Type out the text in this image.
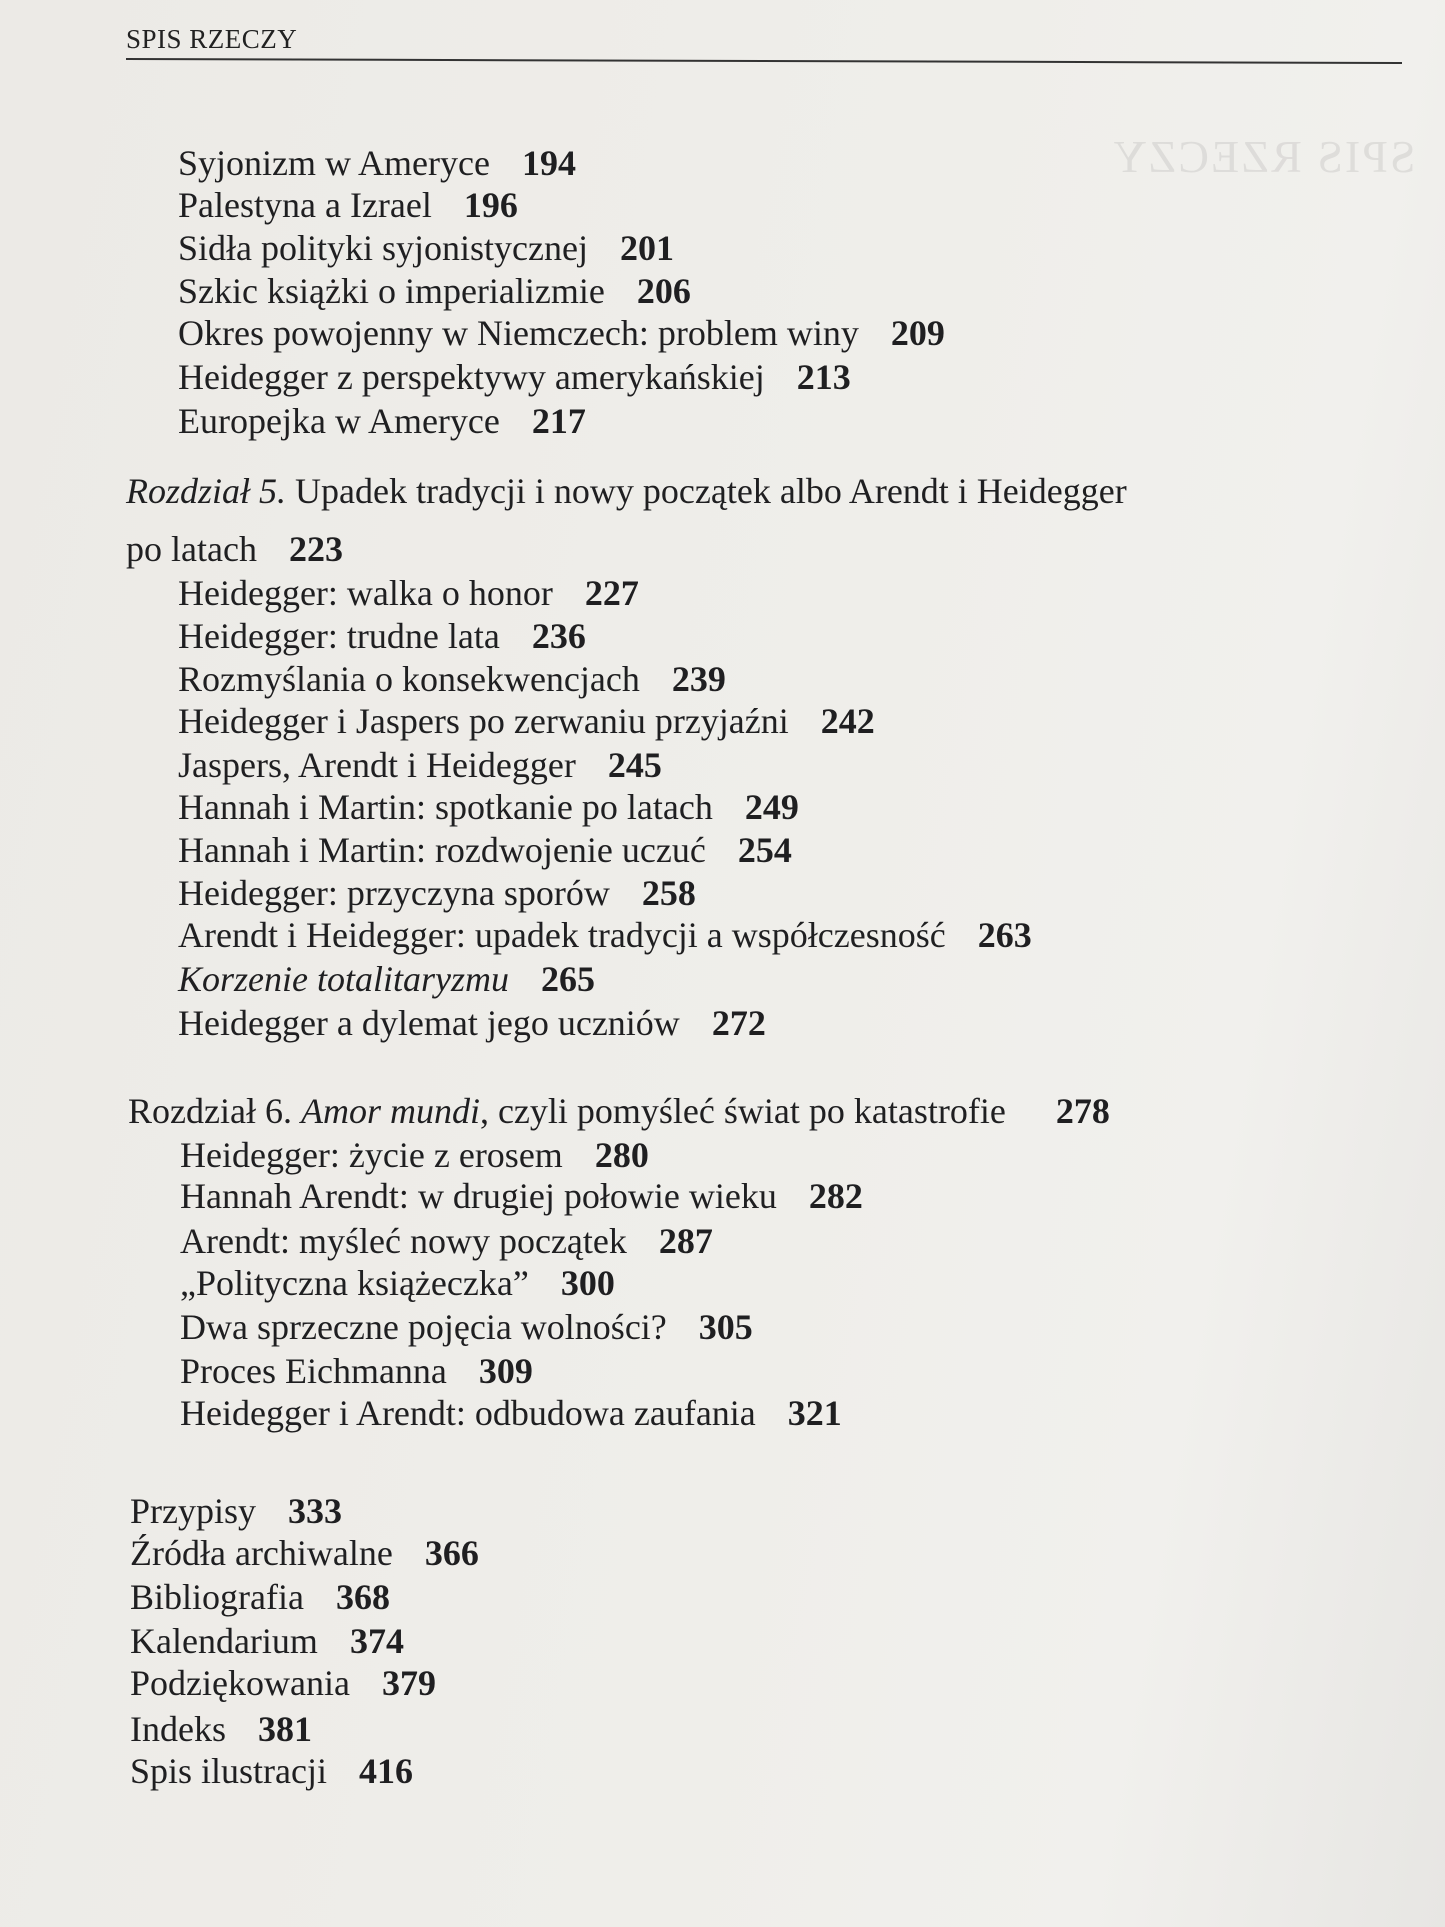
SPIS RZECZY
SPIS RZECZY
Syjonizm w Ameryce 194
Palestyna a Izrael 196
Sidła polityki syjonistycznej 201
Szkic książki o imperializmie 206
Okres powojenny w Niemczech: problem winy 209
Heidegger z perspektywy amerykańskiej 213
Europejka w Ameryce 217
Rozdział 5. Upadek tradycji i nowy początek albo Arendt i Heidegger
po latach 223
Heidegger: walka o honor 227
Heidegger: trudne lata 236
Rozmyślania o konsekwencjach 239
Heidegger i Jaspers po zerwaniu przyjaźni 242
Jaspers, Arendt i Heidegger 245
Hannah i Martin: spotkanie po latach 249
Hannah i Martin: rozdwojenie uczuć 254
Heidegger: przyczyna sporów 258
Arendt i Heidegger: upadek tradycji a współczesność 263
Korzenie totalitaryzmu 265
Heidegger a dylemat jego uczniów 272
Rozdział 6. Amor mundi, czyli pomyśleć świat po katastrofie 278
Heidegger: życie z erosem 280
Hannah Arendt: w drugiej połowie wieku 282
Arendt: myśleć nowy początek 287
„Polityczna książeczka” 300
Dwa sprzeczne pojęcia wolności? 305
Proces Eichmanna 309
Heidegger i Arendt: odbudowa zaufania 321
Przypisy 333
Źródła archiwalne 366
Bibliografia 368
Kalendarium 374
Podziękowania 379
Indeks 381
Spis ilustracji 416
